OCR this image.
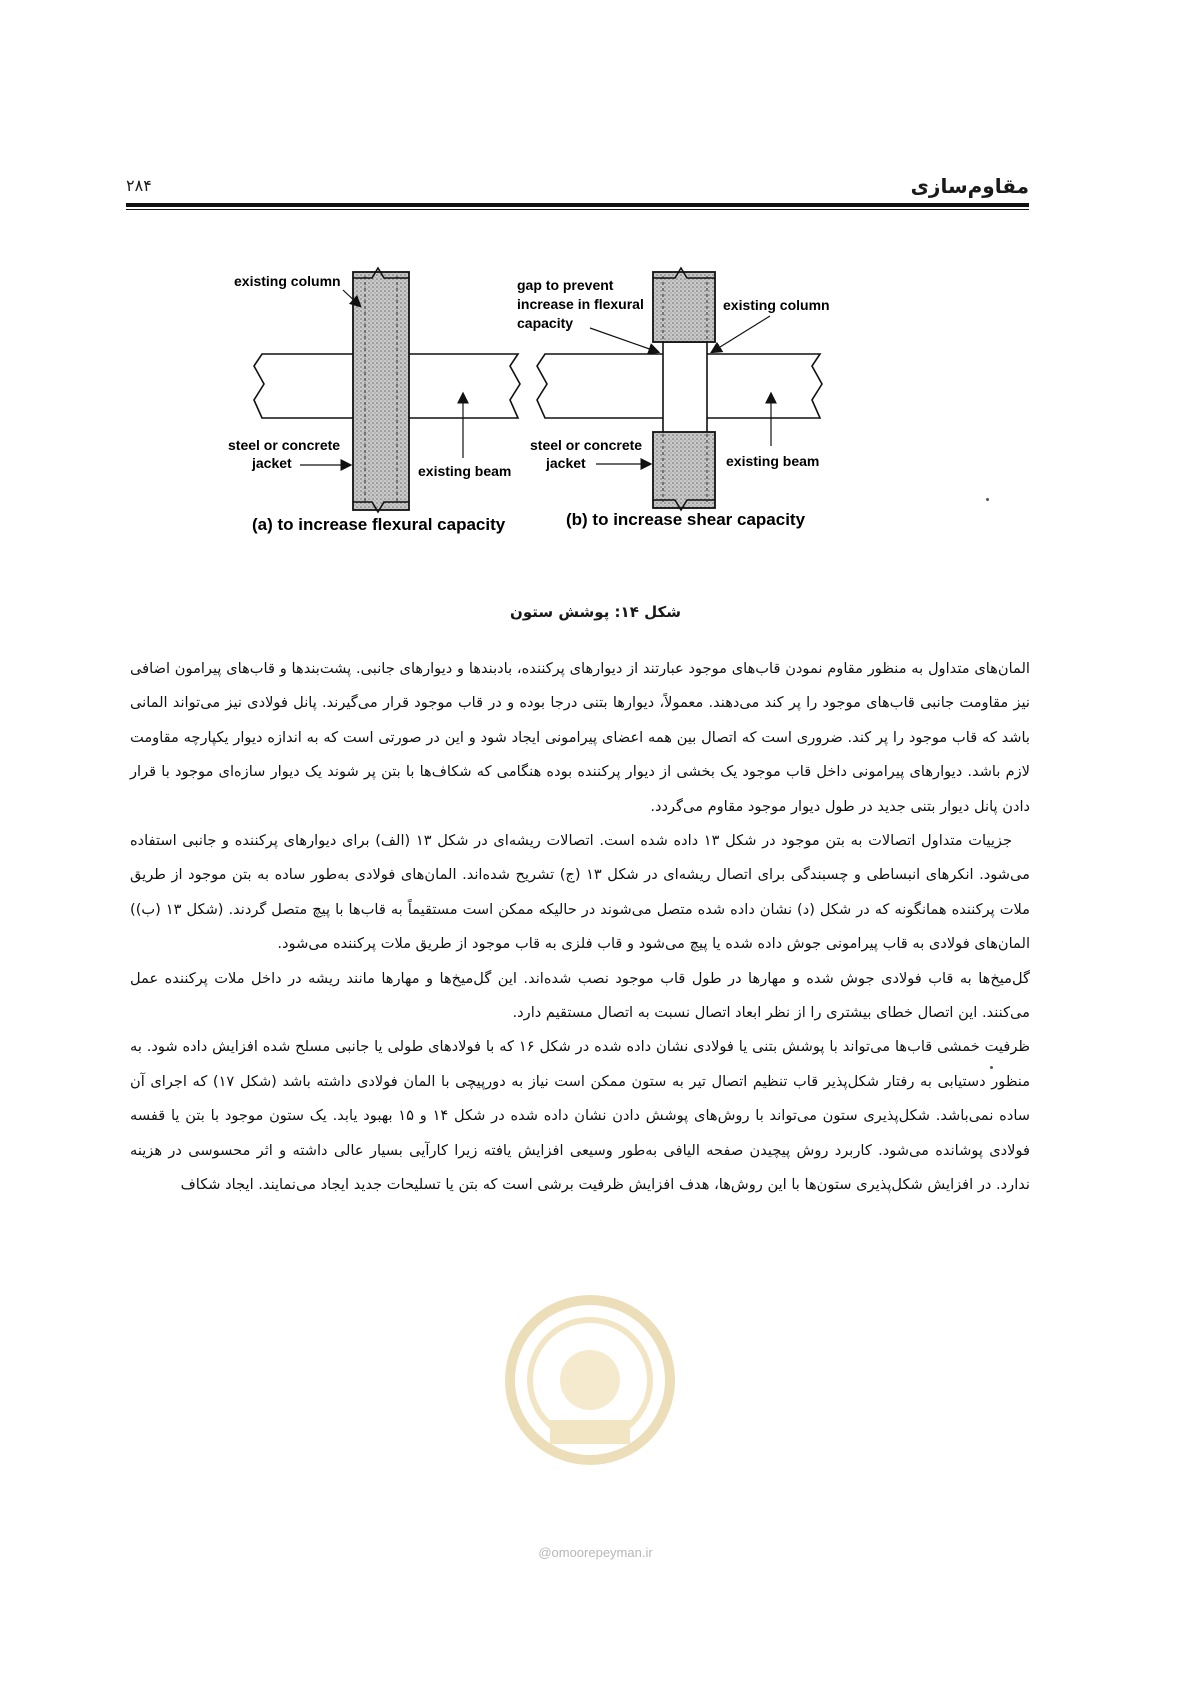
مقاوم‌سازی
۲۸۴
existing column
steel or concrete
jacket	existing beam
(a) to increase flexural capacity
gap to prevent
increase in flexural
capacity
existing column
steel or concrete
jacket	existing beam
(b) to increase shear capacity
شکل ۱۴: پوشش ستون

المان‌های متداول به منظور مقاوم نمودن قاب‌های موجود عبارتند از دیوارهای پرکننده، بادبندها و دیوارهای جانبی. پشت‌بندها و قاب‌های پیرامون اضافی نیز مقاومت جانبی قاب‌های موجود را پر کند می‌دهند. معمولاً، دیوارها بتنی درجا بوده و در قاب موجود قرار می‌گیرند. پانل فولادی نیز می‌تواند المانی باشد که قاب موجود را پر کند. ضروری است که اتصال بین همه اعضای پیرامونی ایجاد شود و این در صورتی است که به اندازه دیوار یکپارچه مقاومت لازم باشد. دیوارهای پیرامونی داخل قاب موجود یک بخشی از دیوار پرکننده بوده هنگامی که شکاف‌ها با بتن پر شوند یک دیوار سازه‌ای موجود با قرار دادن پانل دیوار بتنی جدید در طول دیوار موجود مقاوم می‌گردد.

جزییات متداول اتصالات به بتن موجود در شکل ۱۳ داده شده است. اتصالات ریشه‌ای در شکل ۱۳ (الف) برای دیوارهای پرکننده و جانبی استفاده می‌شود. انکرهای انبساطی و چسبندگی برای اتصال ریشه‌ای در شکل ۱۳ (ج) تشریح شده‌اند. المان‌های فولادی به‌طور ساده به بتن موجود از طریق ملات پرکننده همانگونه که در شکل (د) نشان داده شده متصل می‌شوند در حالیکه ممکن است مستقیماً به قاب‌ها با پیچ متصل گردند. (شکل ۱۳ (ب)) المان‌های فولادی به قاب پیرامونی جوش داده شده یا پیچ می‌شود و قاب فلزی به قاب موجود از طریق ملات پرکننده می‌شود.

گل‌میخ‌ها به قاب فولادی جوش شده و مهارها در طول قاب موجود نصب شده‌اند. این گل‌میخ‌ها و مهارها مانند ریشه در داخل ملات پرکننده عمل می‌کنند. این اتصال خطای بیشتری را از نظر ابعاد اتصال نسبت به اتصال مستقیم دارد.

ظرفیت خمشی قاب‌ها می‌تواند با پوشش بتنی یا فولادی نشان داده شده در شکل ۱۶ که با فولادهای طولی یا جانبی مسلح شده افزایش داده شود. به منظور دستیابی به رفتار شکل‌پذیر قاب تنظیم اتصال تیر به ستون ممکن است نیاز به دورپیچی با المان فولادی داشته باشد (شکل ۱۷) که اجرای آن ساده نمی‌باشد. شکل‌پذیری ستون می‌تواند با روش‌های پوشش دادن نشان داده شده در شکل ۱۴ و ۱۵ بهبود یابد. یک ستون موجود با بتن یا قفسه فولادی پوشانده می‌شود. کاربرد روش پیچیدن صفحه الیافی به‌طور وسیعی افزایش یافته زیرا کارآیی بسیار عالی داشته و اثر محسوسی در هزینه ندارد. در افزایش شکل‌پذیری ستون‌ها با این روش‌ها، هدف افزایش ظرفیت برشی است که بتن یا تسلیحات جدید ایجاد می‌نمایند. ایجاد شکاف

@omoorepeyman.ir
